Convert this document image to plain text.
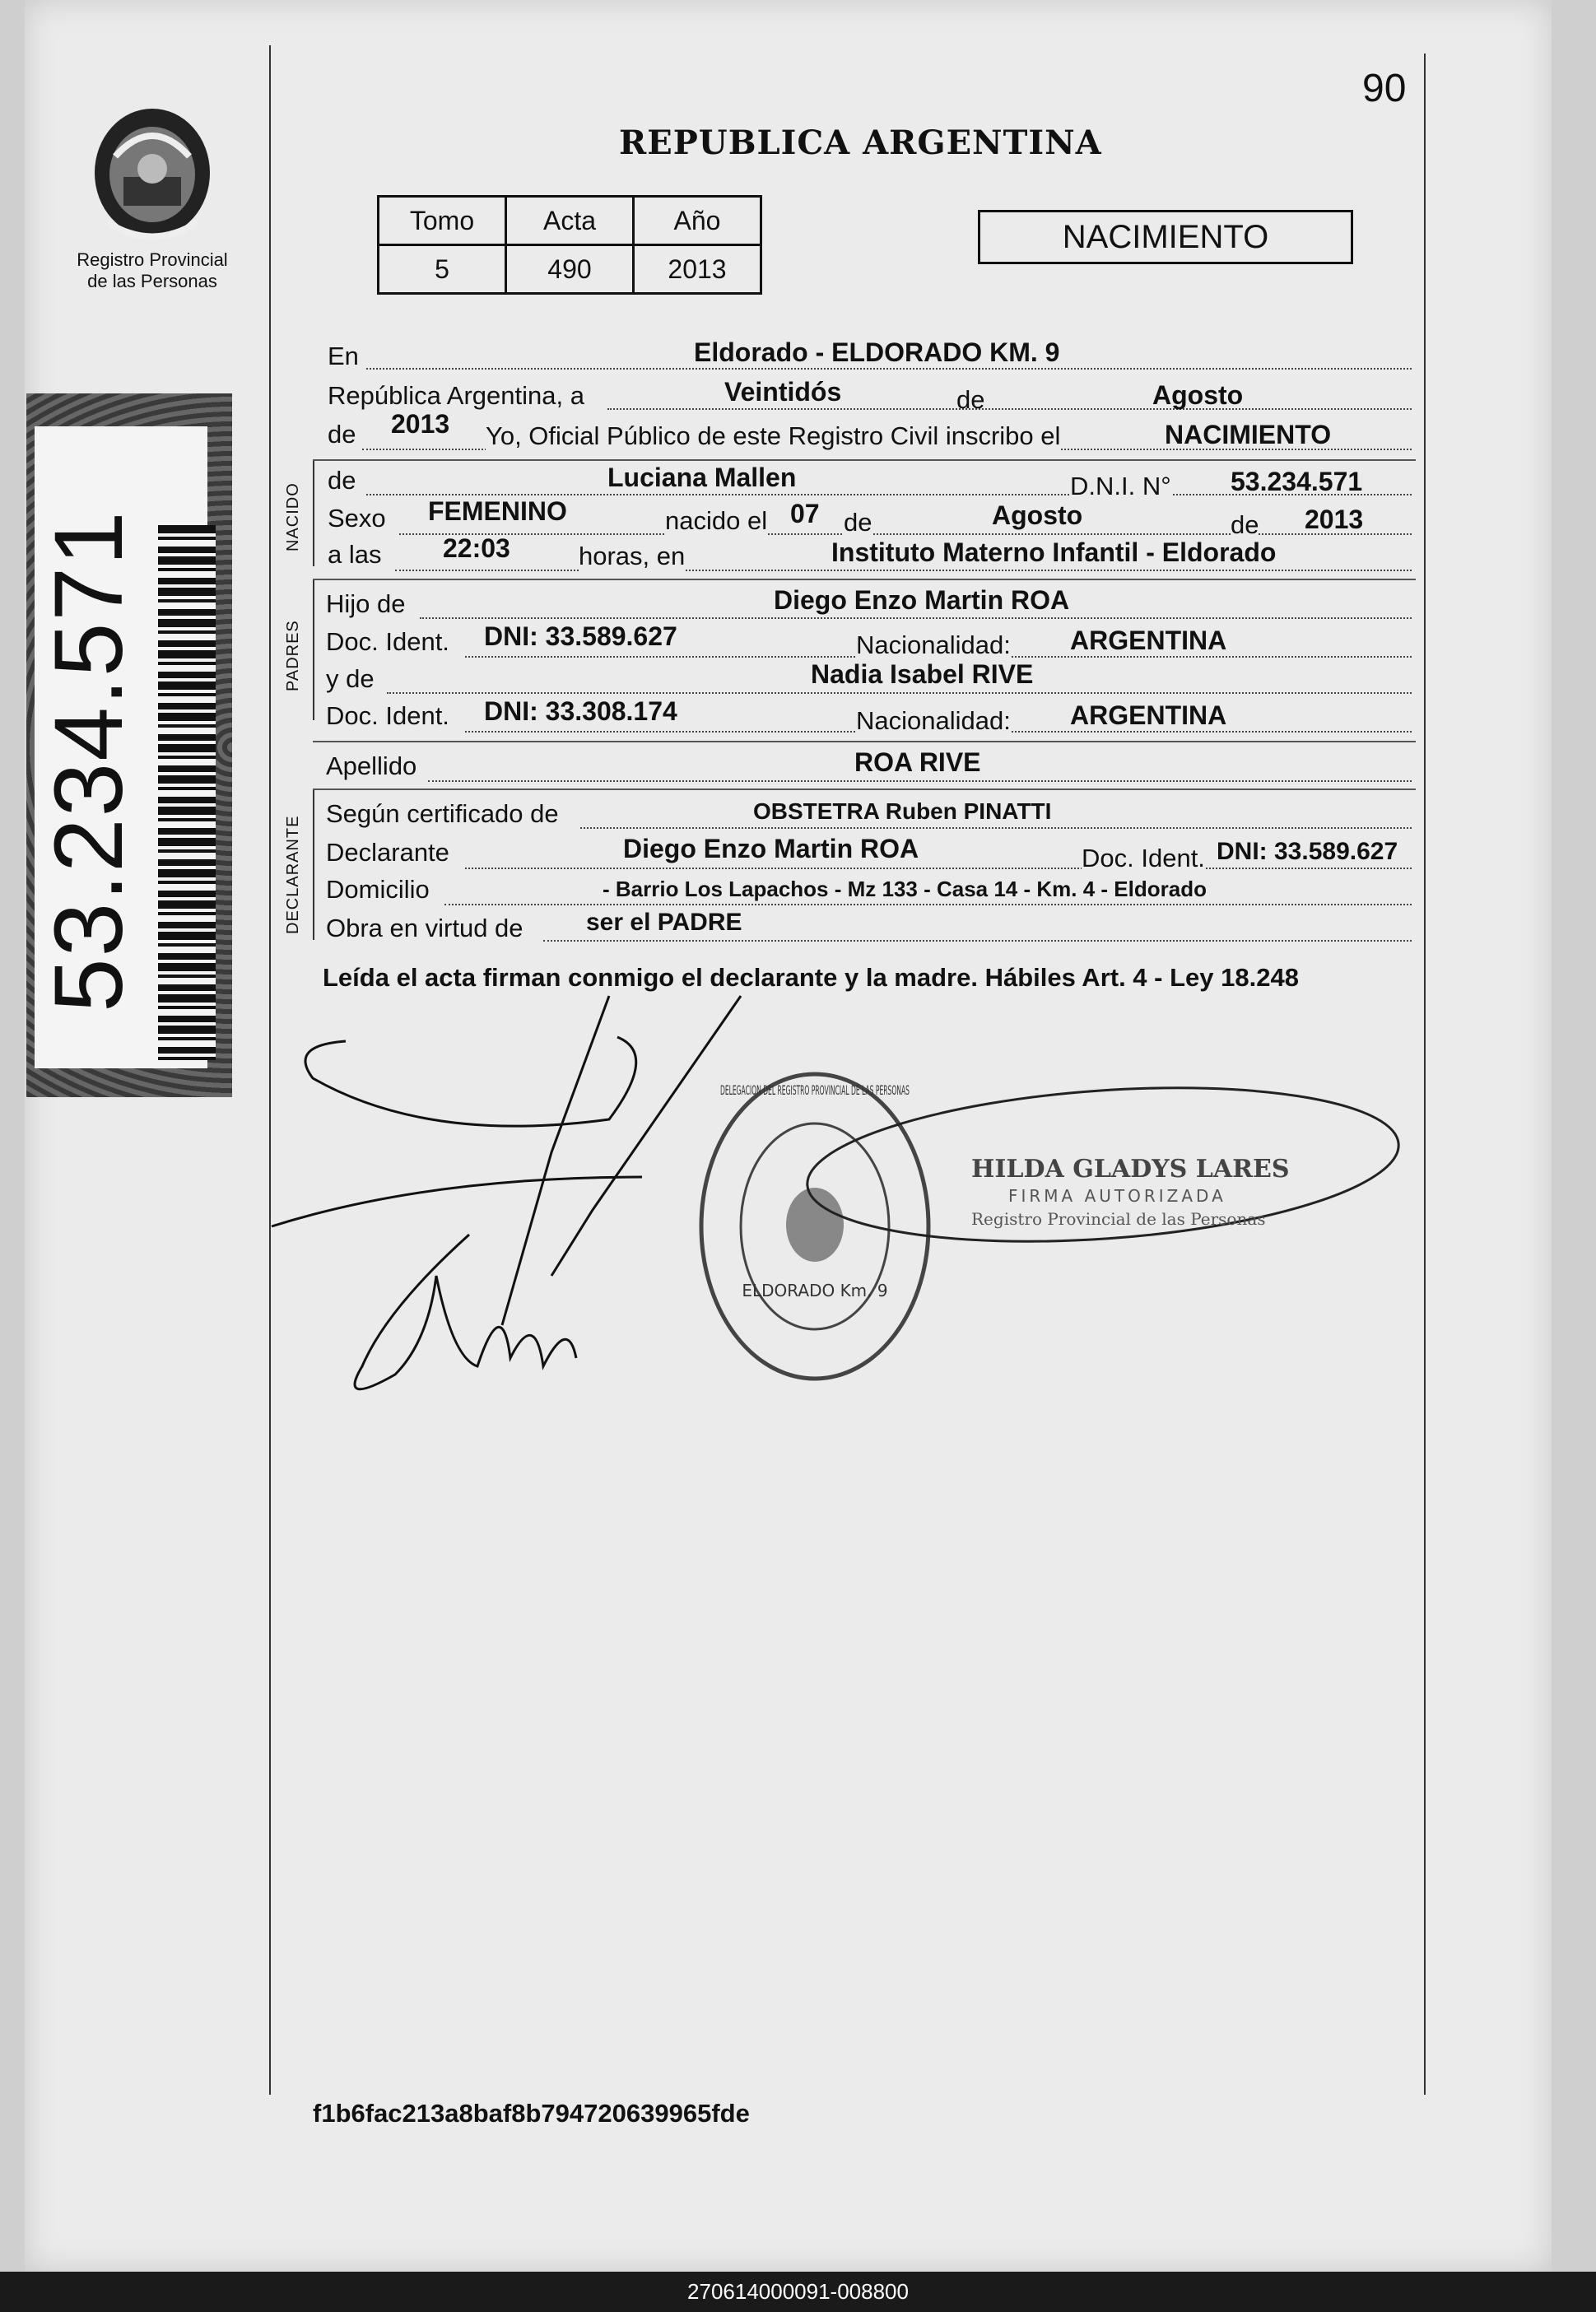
Registro Provincial
de las Personas
53.234.571
90
REPUBLICA ARGENTINA
Tomo	Acta	Año
5	490	2013
NACIMIENTO
En	Eldorado - ELDORADO KM. 9
República Argentina, a	Veintidós	de	Agosto
de 2013 Yo, Oficial Público de este Registro Civil inscribo el	NACIMIENTO
NACIDO
de	Luciana Mallen	D.N.I. N° 53.234.571
Sexo FEMENINO	nacido el 07 de	Agosto	de 2013
a las 22:03	horas, en	Instituto Materno Infantil - Eldorado
PADRES
Hijo de	Diego Enzo Martin ROA
Doc. Ident. DNI: 33.589.627	Nacionalidad: ARGENTINA
y de	Nadia Isabel RIVE
Doc. Ident. DNI: 33.308.174	Nacionalidad: ARGENTINA
Apellido	ROA RIVE
DECLARANTE
Según certificado de	OBSTETRA Ruben PINATTI
Declarante	Diego Enzo Martin ROA	Doc. Ident. DNI: 33.589.627
Domicilio	- Barrio Los Lapachos - Mz 133 - Casa 14 - Km. 4 - Eldorado
Obra en virtud de	ser el PADRE
Leída el acta firman conmigo el declarante y la madre. Hábiles Art. 4 - Ley 18.248
ELDORADO Km. 9
DELEGACION DEL REGISTRO PROVINCIAL DE LAS PERSONAS
HILDA GLADYS LARES
FIRMA AUTORIZADA
Registro Provincial de las Personas
f1b6fac213a8baf8b794720639965fde
270614000091-008800
